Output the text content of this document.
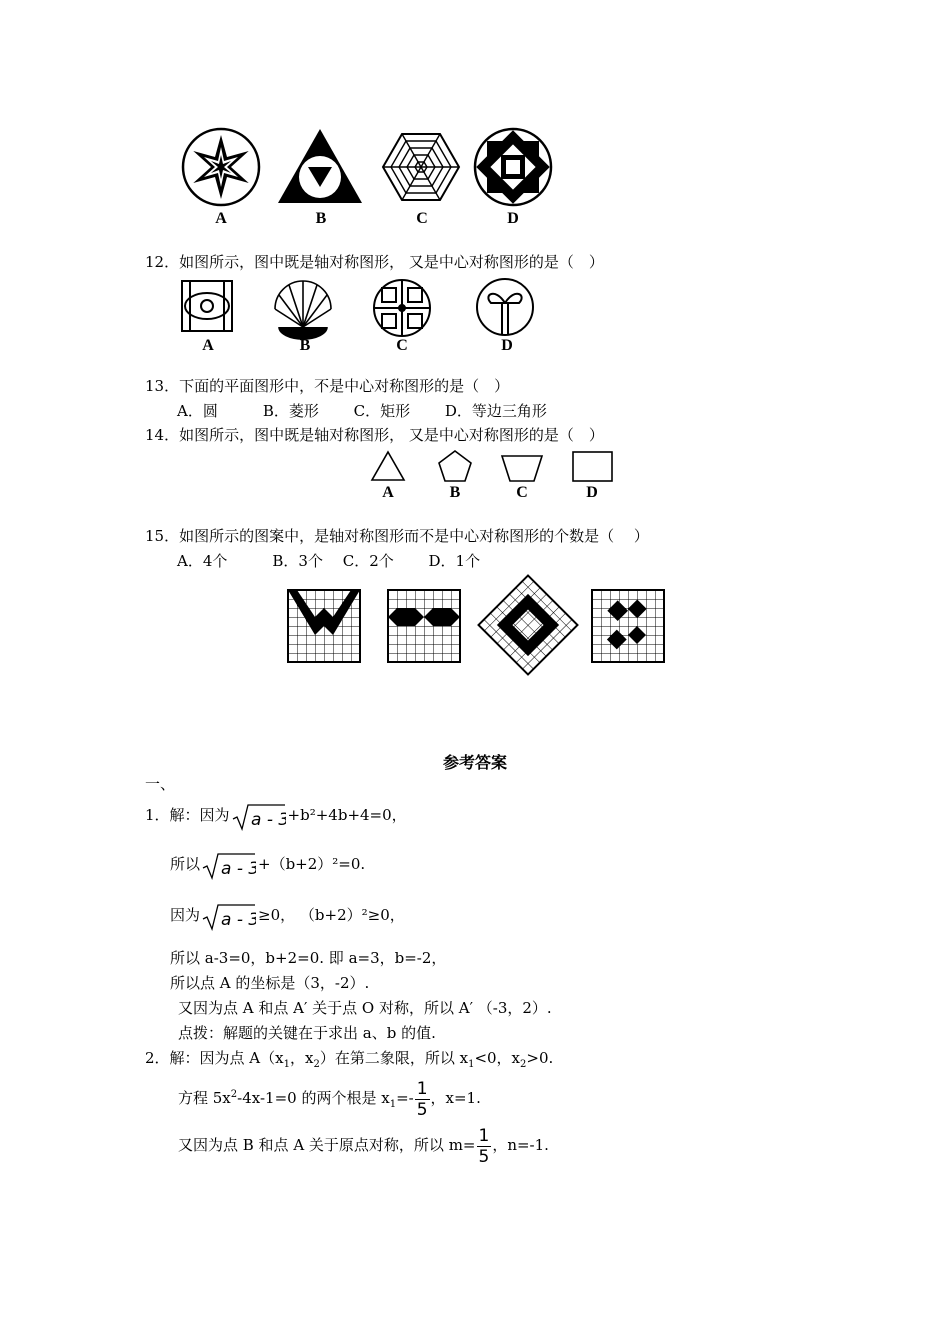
A	B	C	D
12．如图所示，图中既是轴对称图形， 又是中心对称图形的是（　）
A	B	C	D
13．下面的平面图形中，不是中心对称图形的是（　）
A．圆　　　B．菱形　　 C．矩形　　 D．等边三角形
14．如图所示，图中既是轴对称图形， 又是中心对称图形的是（　）
A	B	C	D
15．如图所示的图案中，是轴对称图形而不是中心对称图形的个数是（　 ）
A．4个　　　B．3个　 C．2个　　 D．1个
参考答案
一、
1．解：因为 a - 3
+b²+4b+4=0，
所以 a - 3
+（b+2）²=0.
因为 a - 3
≥0， （b+2）²≥0，
所以 a-3=0，b+2=0. 即 a=3，b=-2，
所以点 A 的坐标是（3，-2）.
又因为点 A 和点 A′ 关于点 O 对称，所以 A′ （-3，2）.
点拨：解题的关键在于求出 a、b 的值.
2．解：因为点 $A(x_1$，$x_2$）在第二象限，所以 $x_1<0$，$x_2>0$.
方程 $5x^2-4x-1=0$ 的两个根是 $x_1=- \frac{1}{5}$ ，x=1.
又因为点 B 和点 A 关于原点对称，所以 $m= \frac{1}{5}$ ，n=-1.
